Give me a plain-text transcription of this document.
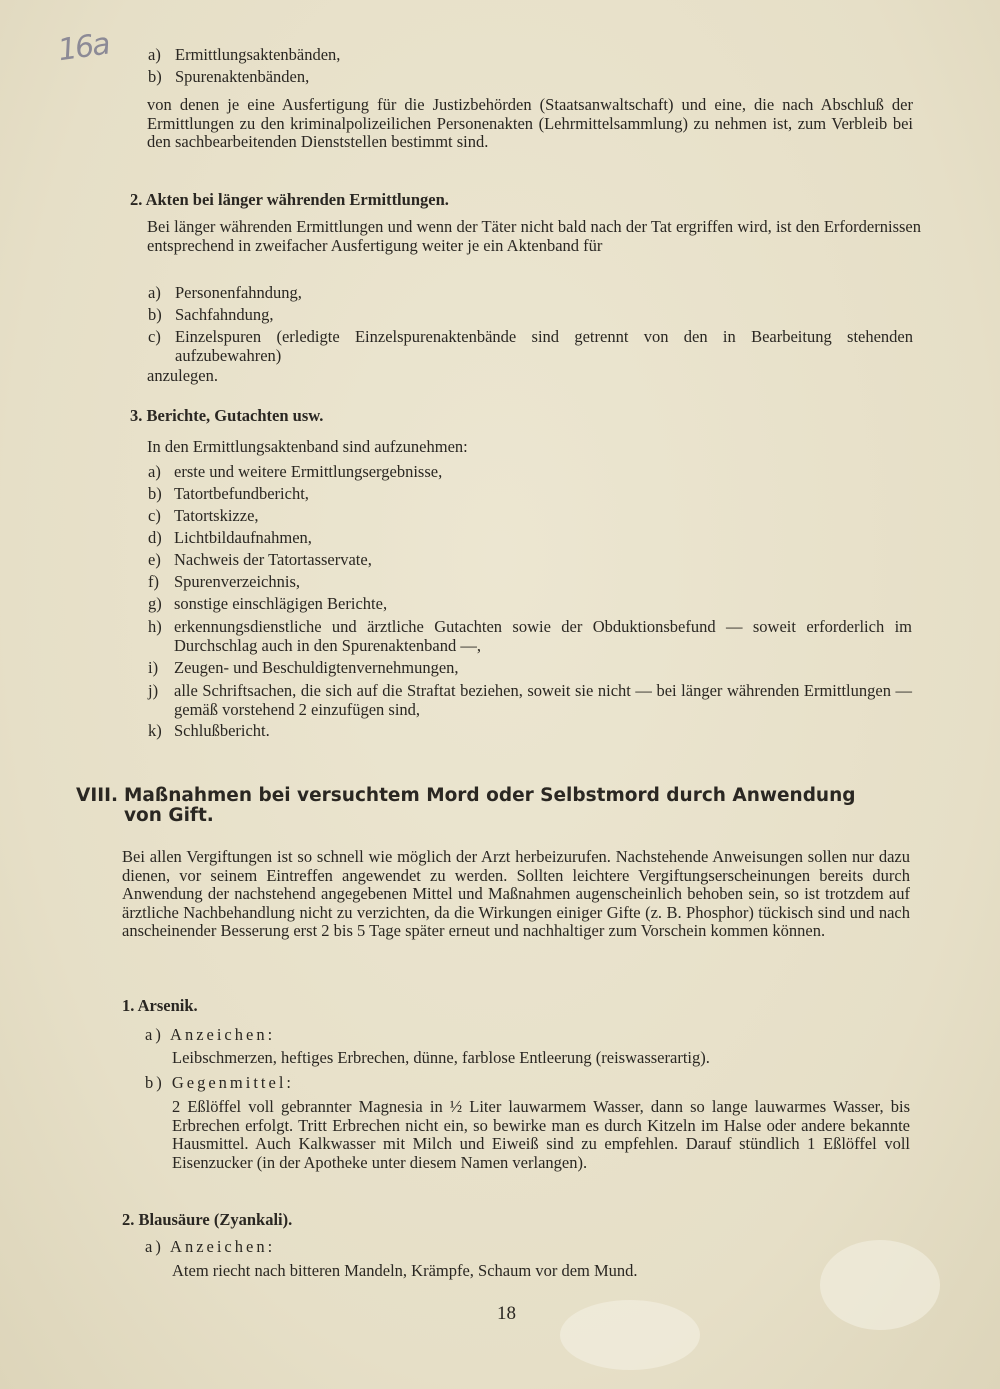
16a a) Ermittlungsaktenbänden,
b) Spurenaktenbänden,
von denen je eine Ausfertigung für die Justizbehörden (Staatsanwaltschaft) und eine, die nach Abschluß der Ermittlungen zu den kriminalpolizeilichen Personenakten (Lehrmittelsammlung) zu nehmen ist, zum Verbleib bei den sachbearbeitenden Dienststellen bestimmt sind.
2. Akten bei länger währenden Ermittlungen.
Bei länger währenden Ermittlungen und wenn der Täter nicht bald nach der Tat ergriffen wird, ist den Erfordernissen entsprechend in zweifacher Ausfertigung weiter je ein Aktenband für
a) Personenfahndung,
b) Sachfahndung,
c) Einzelspuren (erledigte Einzelspurenaktenbände sind getrennt von den in Bearbeitung stehenden aufzubewahren)
anzulegen.
3. Berichte, Gutachten usw.
In den Ermittlungsaktenband sind aufzunehmen:
a) erste und weitere Ermittlungsergebnisse,
b) Tatortbefundbericht,
c) Tatortskizze,
d) Lichtbildaufnahmen,
e) Nachweis der Tatortasservate,
f) Spurenverzeichnis,
g) sonstige einschlägigen Berichte,
h) erkennungsdienstliche und ärztliche Gutachten sowie der Obduktionsbefund — soweit erforderlich im Durchschlag auch in den Spurenaktenband —,
i) Zeugen- und Beschuldigtenvernehmungen,
j) alle Schriftsachen, die sich auf die Straftat beziehen, soweit sie nicht — bei länger währenden Ermittlungen — gemäß vorstehend 2 einzufügen sind,
k) Schlußbericht.
VIII. Maßnahmen bei versuchtem Mord oder Selbstmord durch Anwendung von Gift.
Bei allen Vergiftungen ist so schnell wie möglich der Arzt herbeizurufen. Nachstehende Anweisungen sollen nur dazu dienen, vor seinem Eintreffen angewendet zu werden. Sollten leichtere Vergiftungserscheinungen bereits durch Anwendung der nachstehend angegebenen Mittel und Maßnahmen augenscheinlich behoben sein, so ist trotzdem auf ärztliche Nachbehandlung nicht zu verzichten, da die Wirkungen einiger Gifte (z. B. Phosphor) tückisch sind und nach anscheinender Besserung erst 2 bis 5 Tage später erneut und nachhaltiger zum Vorschein kommen können.
1. Arsenik.
a) Anzeichen:
Leibschmerzen, heftiges Erbrechen, dünne, farblose Entleerung (reiswasserartig).
b) Gegenmittel:
2 Eßlöffel voll gebrannter Magnesia in ½ Liter lauwarmem Wasser, dann so lange lauwarmes Wasser, bis Erbrechen erfolgt. Tritt Erbrechen nicht ein, so bewirke man es durch Kitzeln im Halse oder andere bekannte Hausmittel. Auch Kalkwasser mit Milch und Eiweiß sind zu empfehlen. Darauf stündlich 1 Eßlöffel voll Eisenzucker (in der Apotheke unter diesem Namen verlangen).
2. Blausäure (Zyankali).
a) Anzeichen:
Atem riecht nach bitteren Mandeln, Krämpfe, Schaum vor dem Mund.
18
